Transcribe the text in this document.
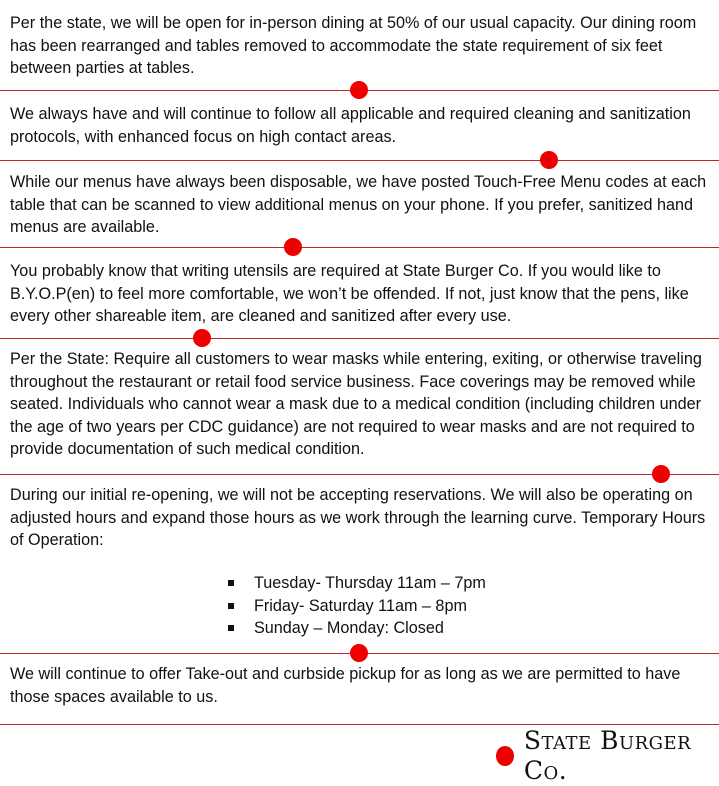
Per the state, we will be open for in-person dining at 50% of our usual capacity. Our dining room has been rearranged and tables removed to accommodate the state requirement of six feet between parties at tables.

We always have and will continue to follow all applicable and required cleaning and sanitization protocols, with enhanced focus on high contact areas.

While our menus have always been disposable, we have posted Touch-Free Menu codes at each table that can be scanned to view additional menus on your phone. If you prefer, sanitized hand menus are available.

You probably know that writing utensils are required at State Burger Co. If you would like to B.Y.O.P(en) to feel more comfortable, we won’t be offended. If not, just know that the pens, like every other shareable item, are cleaned and sanitized after every use.

Per the State: Require all customers to wear masks while entering, exiting, or otherwise traveling throughout the restaurant or retail food service business. Face coverings may be removed while seated. Individuals who cannot wear a mask due to a medical condition (including children under the age of two years per CDC guidance) are not required to wear masks and are not required to provide documentation of such medical condition.

During our initial re-opening, we will not be accepting reservations. We will also be operating on adjusted hours and expand those hours as we work through the learning curve. Temporary Hours of Operation:

Tuesday- Thursday 11am – 7pm
Friday- Saturday 11am – 8pm
Sunday – Monday: Closed

We will continue to offer Take-out and curbside pickup for as long as we are permitted to have those spaces available to us.

State Burger Co.
